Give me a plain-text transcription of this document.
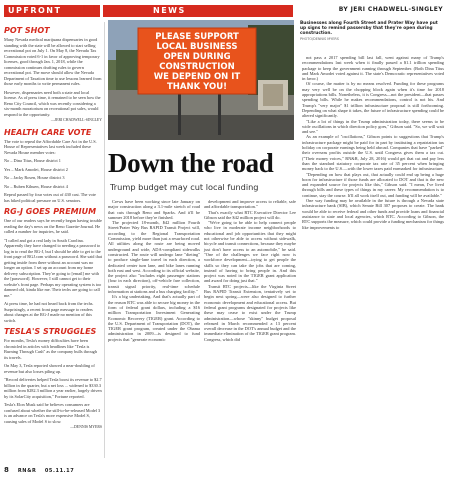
UPFRONT	NEWS	BY JERI CHADWELL-SINGLEY
POT SHOT

Many Nevada medical marijuana dispensaries in good standing with the state will be allowed to start selling recreational pot on July 1. On May 8, the Nevada Tax Commission voted 6-1 in favor of approving temporary licenses, good through Jan. 1, 2018, while the commission continues drafting rules to govern recreational pot. The move should allow the Nevada Department of Taxation time to use lessons learned from those early months to write permanent rules.

However, dispensaries need both a state and local license. As of press time, it remained to be seen how the Reno City Council, which was recently considering a six-month moratorium on recreational pot sales, would respond to the opportunity.

—JERI CHADWELL-SINGLEY
HEALTH CARE VOTE

The vote to repeal the Affordable Care Act in the U.S. House of Representatives last week included these Nevada House member votes:

No – Dina Titus, House district 1

Yes – Mark Amodei, House district 2

No – Jacky Rosen, House district 3

No – Ruben Kihuen, House district 4

Repeal passed by four votes out of 430 cast. The vote has hiked political pressure on U.S. senators.

RG-J GOES PREMIUM

One of our readers says he recently began having trouble reading the day's news on the Reno Gazette-Journal. He called a number for inquiries, he said.

"I called and got a real lady in South Carolina. Apparently they have changed to needing a password to log in to read the RG-J, but I should be able to get to the front page of RGJ.com without a password. She said that getting inside from there without an account was no longer an option. I set up an account from my home delivery subscription. They're going to [email] me with the [password]. However, I still cannot get to their website's front page. Perhaps my operating system is too damned old, kinda like me. Their techs are going to call me."

At press time, he had not heard back from the techs. Surprisingly, a recent front page message to readers about changes at the RG-J made no mention of this switch.

TESLA'S STRUGGLES

For months, Tesla's money difficulties have been chronicled in articles with headlines like "Tesla is Burning Through Cash" as the company bulls through its travels.

On May 3, Tesla reported showed a near-doubling of revenue but also losses piling up.

"Record deliveries helped Tesla boost its revenue to $2.7 billion in the quarter, but a net loss ... widened to $330.3 million from $282.3 million a year earlier, largely driven by its SolarCity acquisition," Fortune reported.

Tesla's Elon Musk said he believes consumers are confused about whether the still-to-be-released Model 3 is an advance on Tesla's more expensive Model S, causing sales of Model S to slow.

—DENNIS MYERS
PLEASE SUPPORT
LOCAL BUSINESS
OPEN DURING
CONSTRUCTION
WE DEPEND ON IT
THANK YOU!
Businesses along Fourth Street and Prater Way have put up signs to remind passersby that they're open during construction.
PHOTO/DENNIS MYERS
Down the road
Trump budget may cut local funding

Crews have been working since late January on major construction along a 3.1-mile stretch of road that cuts through Reno and Sparks. And it'll be summer 2018 before they're finished.

The projected 18-month, $42 million Fourth Street/Prater Way Bus RAPID Transit Project will, according to the Regional Transportation Commission, yield more than just a resurfaced road. All utilities along the route are being moved underground and wide, ADA-compliant sidewalks constructed. The route will undergo lane "dieting" to produce single-lane travel in each direction, a dedicated center turn lane, and bike lanes running both east and west. According to its official website, the project also "includes eight passenger stations (four in each direction), off-vehicle fare collection, transit signal priority, real-time schedule information at stations and a bus charging facility."

It's a big undertaking. And that's actually part of the reason RTC was able to secure big money in the form of federal grant dollars, including a $16 million Transportation Investment Generating Economic Recovery (TIGER) grant. According to the U.S. Department of Transportation (DOT), the TIGER grant program, created under the Obama administration in 2009—is designed to fund projects that "generate economic

development and improve access to reliable, safe and affordable transportation."

That's exactly what RTC Executive Director Lee Gibson said the $42 million project will do.

"We're going to be able to help connect people who live in moderate income neighborhoods to educational and job opportunities that they might not otherwise be able to access without sidewalk, bicycle and transit connections, because they maybe just don't have access to an automobile," he said. "One of the challenges we face right now is workforce development—trying to get people the skills so they can take the jobs that are coming, instead of having to bring people in. And this project was noted in the TIGER grant application and award for doing just that."

Transit RTC projects—like the Virginia Street Bus RAPID Transit Extension, tentatively set to begin next spring—were also designed to further economic development and educational access. But federal grant programs designated for projects like these may cease to exist under the Trump administration—whose "skinny" budget proposal released in March recommended a 13 percent overall decrease in the DOT's annual budget and the immediate elimination of the TIGER grant program. Congress, which did

not pass a 2017 spending bill last fall, went against many of Trump's recommendations last week when it finally passed a $1.1 trillion spending package to keep the government running through September. (Both Dina Titus and Mark Amodei voted against it. The state's Democratic representatives voted in favor.)

Of course, the matter is by no means resolved. Funding for these programs may very well be on the chopping block again when it's time for 2018 appropriations bills. Nonetheless, it is Congress—not the president—that passes spending bills. While he makes recommendations, control is not his. And Trump's "very major" $1 trillion infrastructure proposal is still forthcoming. Depending on what shape it takes, the future of infrastructure spending could be altered significantly.

"Like a lot of things in the Trump administration today, there seems to be wide oscillations in which direction policy goes," Gibson said. "So, we will wait and see."

As an example of "oscillations," Gibson points to suggestions that Trump's infrastructure package might be paid for in part by instituting a repatriation tax holiday on corporate earnings being held abroad. Companies that have "parked" their overseas profits outside the U.S. until Congress gives them a tax cut. ("Their money voices," RN&R, July 28, 2016) would get that cut and pay less than the standard statutory corporate tax rate of 35 percent when bringing money back to the U.S.—with the lower taxes paid earmarked for infrastructure.

"Depending on how that plays out, that actually could end up being a huge boon for infrastructure if those funds are allocated to DOT and that is the new and expanded source for projects like this," Gibson said. "I mean, I've lived through bills and these types of things in my career. My recommendation is to continue, stay the course. It'll all work itself out, and funding will be available."

One way funding may be available in the future is through a Nevada state infrastructure bank (SIB), which Senate Bill 307 proposes to create. The bank would be able to receive federal and other funds and provide loans and financial assistance to state and local agencies, which RTC. According to Gibson, the RTC supports the measure, which could provide a funding mechanism for things like improvements to

8 RN&R 05.11.17
